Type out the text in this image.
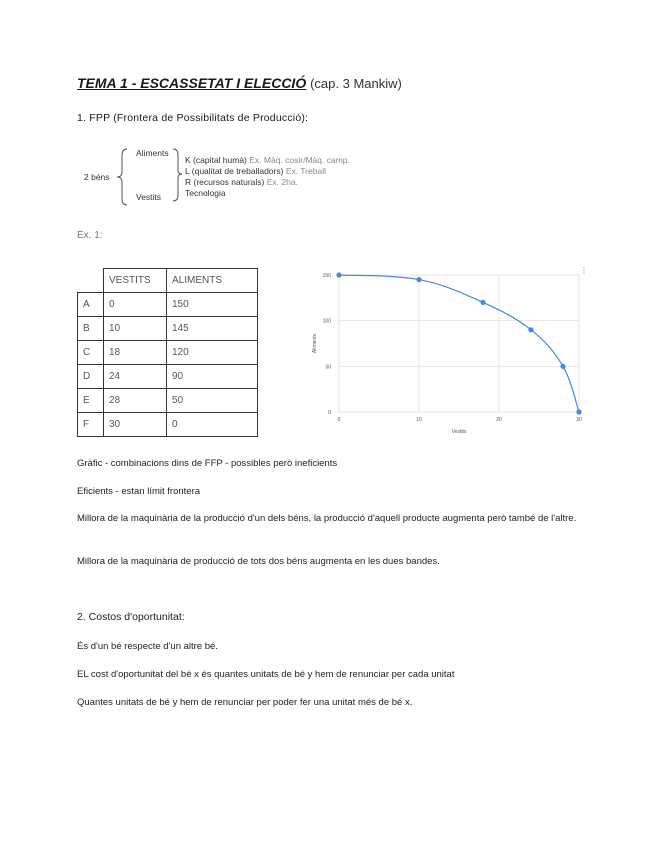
TEMA 1 - ESCASSETAT I ELECCIÓ (cap. 3 Mankiw)
1. FPP (Frontera de Possibilitats de Producció):
2 béns
Aliments
Vestits
K (capital humà) Ex. Màq. cosir/Màq. camp.
L (qualitat de treballadors) Ex. Treball
R (recursos naturals) Ex. 2ha.
Tecnologia
Ex. 1:
	VESTITS	ALIMENTS
A	0	150
B	10	145
C	18	120
D	24	90
E	28	50
F	30	0
0
50
100
150
0	10	20	30
Vestits
Aliments
⋮
Gràfic - combinacions dins de FFP - possibles però ineficients
Eficients - estan límit frontera
Millora de la maquinària de la producció d'un dels béns, la producció d'aquell producte augmenta però també de l'altre.
Millora de la maquinària de producció de tots dos béns augmenta en les dues bandes.
2. Costos d'oportunitat:
És d'un bé respecte d'un altre bé.
EL cost d'oportunitat del bé x és quantes unitats de bé y hem de renunciar per cada unitat
Quantes unitats de bé y hem de renunciar per poder fer una unitat més de bé x.
